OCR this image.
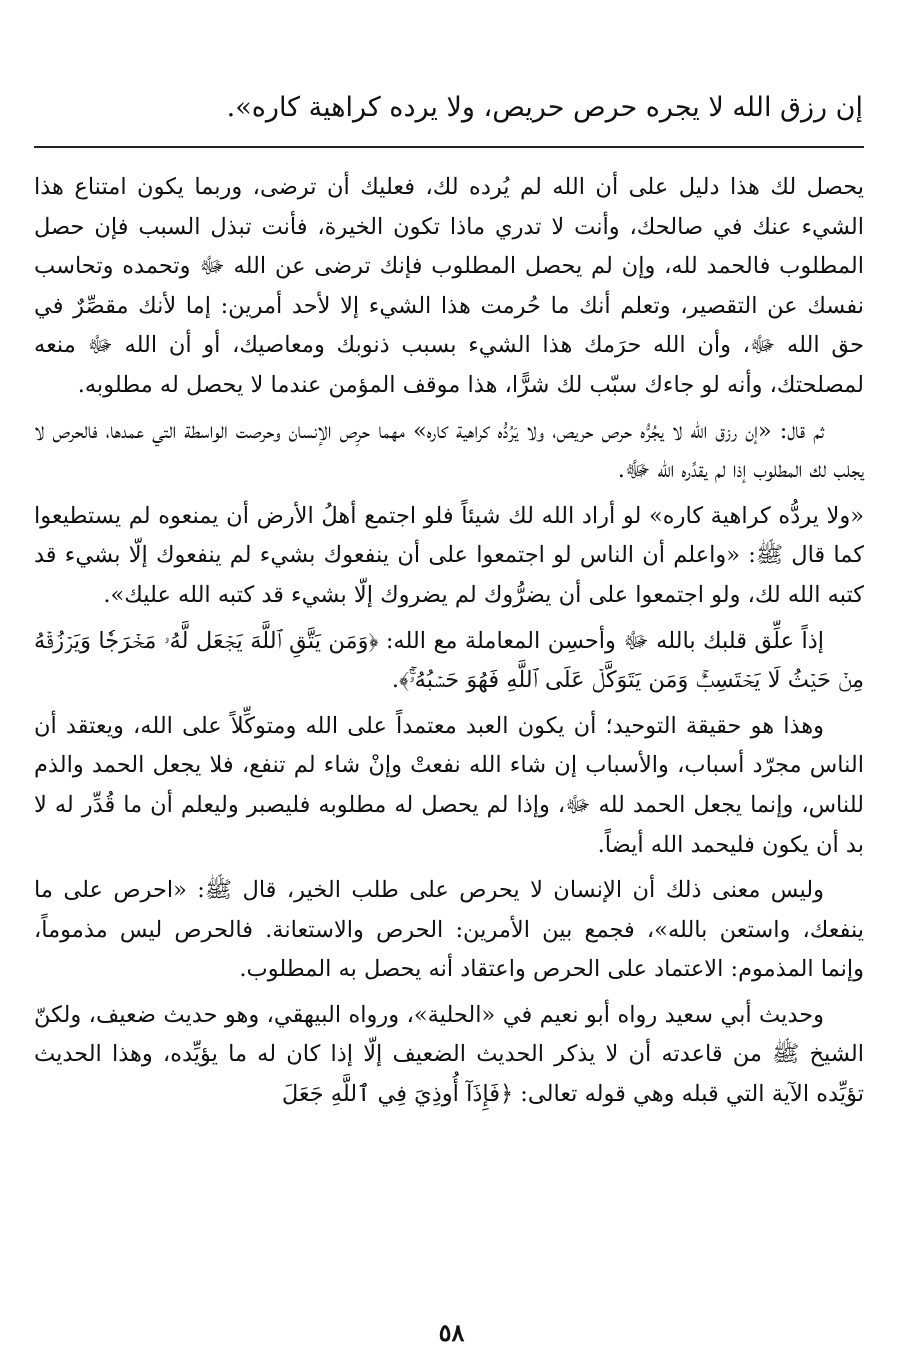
إن رزق الله لا يجره حرص حريص، ولا يرده كراهية كاره».

يحصل لك هذا دليل على أن الله لم يُرده لك، فعليك أن ترضى، وربما يكون امتناع هذا الشيء عنك في صالحك، وأنت لا تدري ماذا تكون الخيرة، فأنت تبذل السبب فإن حصل المطلوب فالحمد لله، وإن لم يحصل المطلوب فإنك ترضى عن الله ﷻ وتحمده وتحاسب نفسك عن التقصير، وتعلم أنك ما حُرمت هذا الشيء إلا لأحد أمرين: إما لأنك مقصِّرٌ في حق الله ﷻ، وأن الله حرَمك هذا الشيء بسبب ذنوبك ومعاصيك، أو أن الله ﷻ منعه لمصلحتك، وأنه لو جاءك سبّب لك شرًّا، هذا موقف المؤمن عندما لا يحصل له مطلوبه.

ثم قال: «إن رزق الله لا يجُرُّه حرص حريص، ولا يَرُدُّه كراهية كاره» مهما حرِص الإنسان وحرصت الواسطة التي عمدها، فالحرص لا يجلب لك المطلوب إذا لم يقدِّره الله ﷻ.

«ولا يردُّه كراهية كاره» لو أراد الله لك شيئاً فلو اجتمع أهلُ الأرض أن يمنعوه لم يستطيعوا كما قال ﷺ: «واعلم أن الناس لو اجتمعوا على أن ينفعوك بشيء لم ينفعوك إلّا بشيء قد كتبه الله لك، ولو اجتمعوا على أن يضرُّوك لم يضروك إلّا بشيء قد كتبه الله عليك».

إذاً علِّق قلبك بالله ﷻ وأحسِن المعاملة مع الله: ﴿وَمَن يَتَّقِ ٱللَّهَ يَجۡعَل لَّهُۥ مَخۡرَجٗا وَيَرۡزُقۡهُ مِنۡ حَيۡثُ لَا يَحۡتَسِبُۚ وَمَن يَتَوَكَّلۡ عَلَى ٱللَّهِ فَهُوَ حَسۡبُهُۥٓۚ﴾.

وهذا هو حقيقة التوحيد؛ أن يكون العبد معتمداً على الله ومتوكِّلاً على الله، ويعتقد أن الناس مجرّد أسباب، والأسباب إن شاء الله نفعتْ وإنْ شاء لم تنفع، فلا يجعل الحمد والذم للناس، وإنما يجعل الحمد لله ﷻ، وإذا لم يحصل له مطلوبه فليصبر وليعلم أن ما قُدِّر له لا بد أن يكون فليحمد الله أيضاً.

وليس معنى ذلك أن الإنسان لا يحرص على طلب الخير، قال ﷺ: «احرص على ما ينفعك، واستعن بالله»، فجمع بين الأمرين: الحرص والاستعانة. فالحرص ليس مذموماً، وإنما المذموم: الاعتماد على الحرص واعتقاد أنه يحصل به المطلوب.

وحديث أبي سعيد رواه أبو نعيم في «الحلية»، ورواه البيهقي، وهو حديث ضعيف، ولكنّ الشيخ ﷺ من قاعدته أن لا يذكر الحديث الضعيف إلّا إذا كان له ما يؤيِّده، وهذا الحديث تؤيِّده الآية التي قبله وهي قوله تعالى: ﴿فَإِذَآ أُوذِيَ فِي ٱللَّهِ جَعَلَ

٥٨
